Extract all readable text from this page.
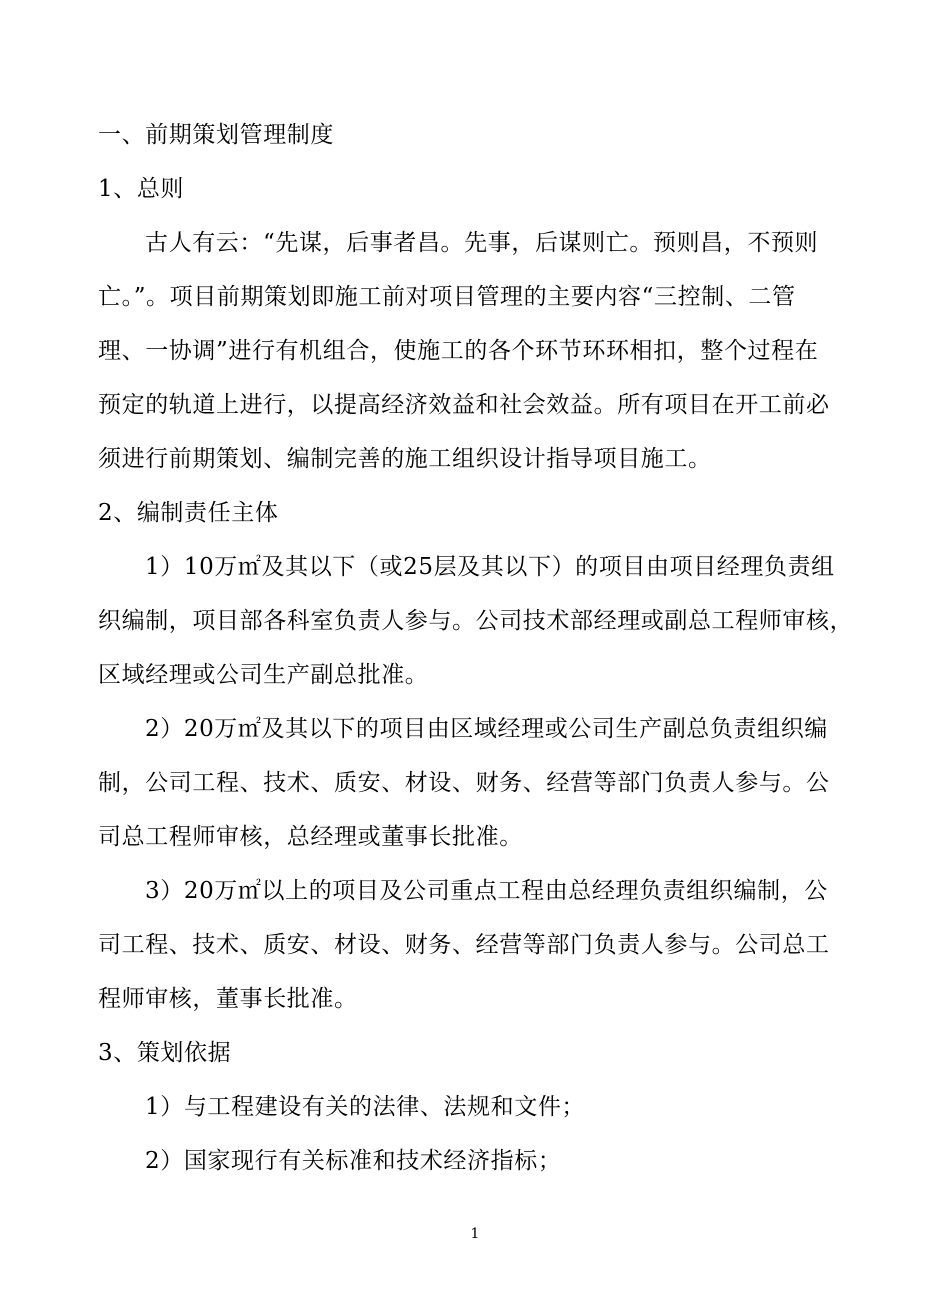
一、前期策划管理制度
1、总则
古人有云：“先谋，后事者昌。先事，后谋则亡。预则昌，不预则
亡。”。项目前期策划即施工前对项目管理的主要内容“三控制、二管
理、一协调”进行有机组合，使施工的各个环节环环相扣，整个过程在
预定的轨道上进行，以提高经济效益和社会效益。所有项目在开工前必
须进行前期策划、编制完善的施工组织设计指导项目施工。
2、编制责任主体
1）10万㎡及其以下（或25层及其以下）的项目由项目经理负责组
织编制，项目部各科室负责人参与。公司技术部经理或副总工程师审核，
区域经理或公司生产副总批准。
2）20万㎡及其以下的项目由区域经理或公司生产副总负责组织编
制，公司工程、技术、质安、材设、财务、经营等部门负责人参与。公
司总工程师审核，总经理或董事长批准。
3）20万㎡以上的项目及公司重点工程由总经理负责组织编制，公
司工程、技术、质安、材设、财务、经营等部门负责人参与。公司总工
程师审核，董事长批准。
3、策划依据
1）与工程建设有关的法律、法规和文件；
2）国家现行有关标准和技术经济指标；
1
